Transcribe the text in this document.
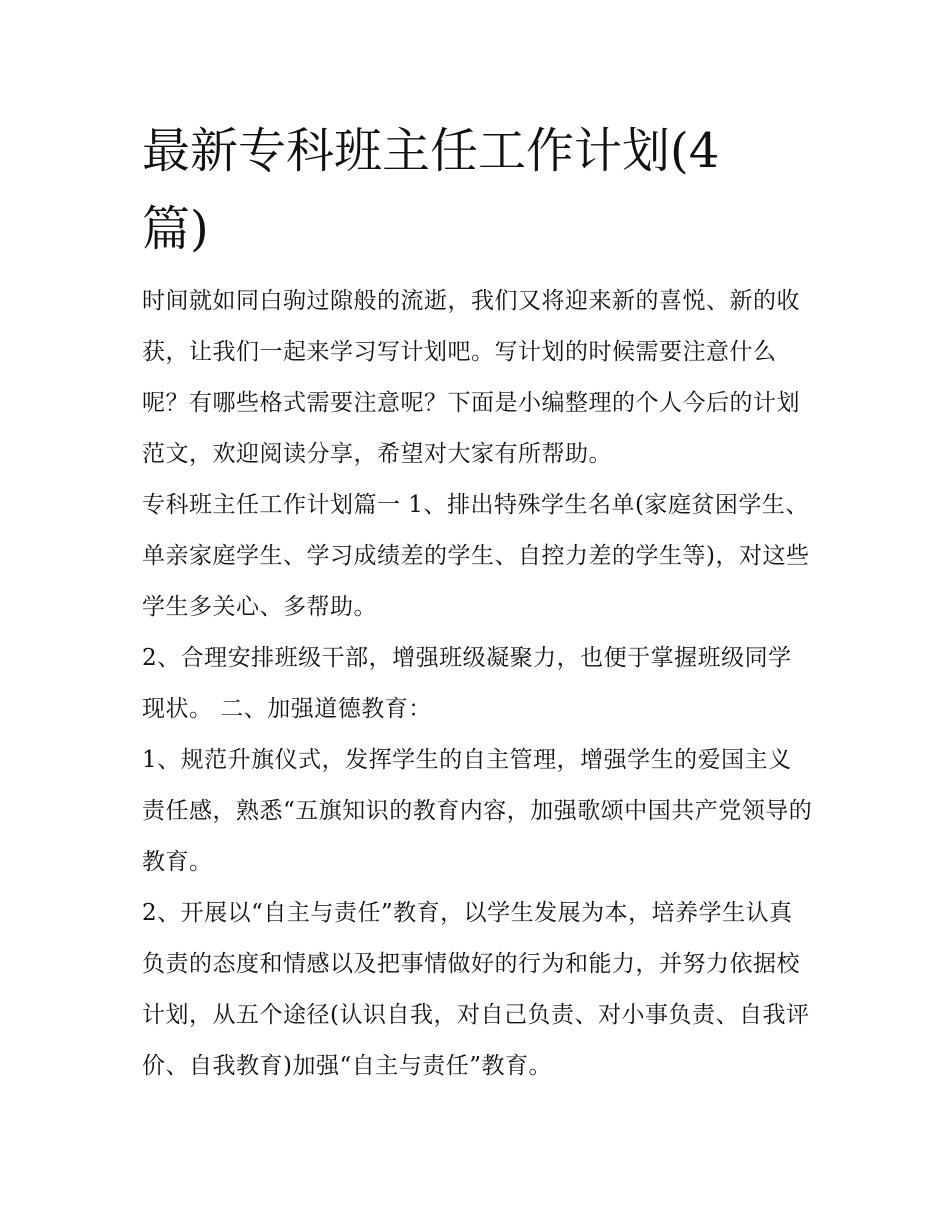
最新专科班主任工作计划(4篇)

时间就如同白驹过隙般的流逝，我们又将迎来新的喜悦、新的收获，让我们一起来学习写计划吧。写计划的时候需要注意什么呢？有哪些格式需要注意呢？下面是小编整理的个人今后的计划范文，欢迎阅读分享，希望对大家有所帮助。

专科班主任工作计划篇一 1、排出特殊学生名单(家庭贫困学生、单亲家庭学生、学习成绩差的学生、自控力差的学生等)，对这些学生多关心、多帮助。

2、合理安排班级干部，增强班级凝聚力，也便于掌握班级同学现状。 二、加强道德教育：

1、规范升旗仪式，发挥学生的自主管理，增强学生的爱国主义责任感，熟悉“五旗知识的教育内容，加强歌颂中国共产党领导的教育。

2、开展以“自主与责任”教育，以学生发展为本，培养学生认真负责的态度和情感以及把事情做好的行为和能力，并努力依据校计划，从五个途径(认识自我，对自己负责、对小事负责、自我评价、自我教育)加强“自主与责任”教育。
